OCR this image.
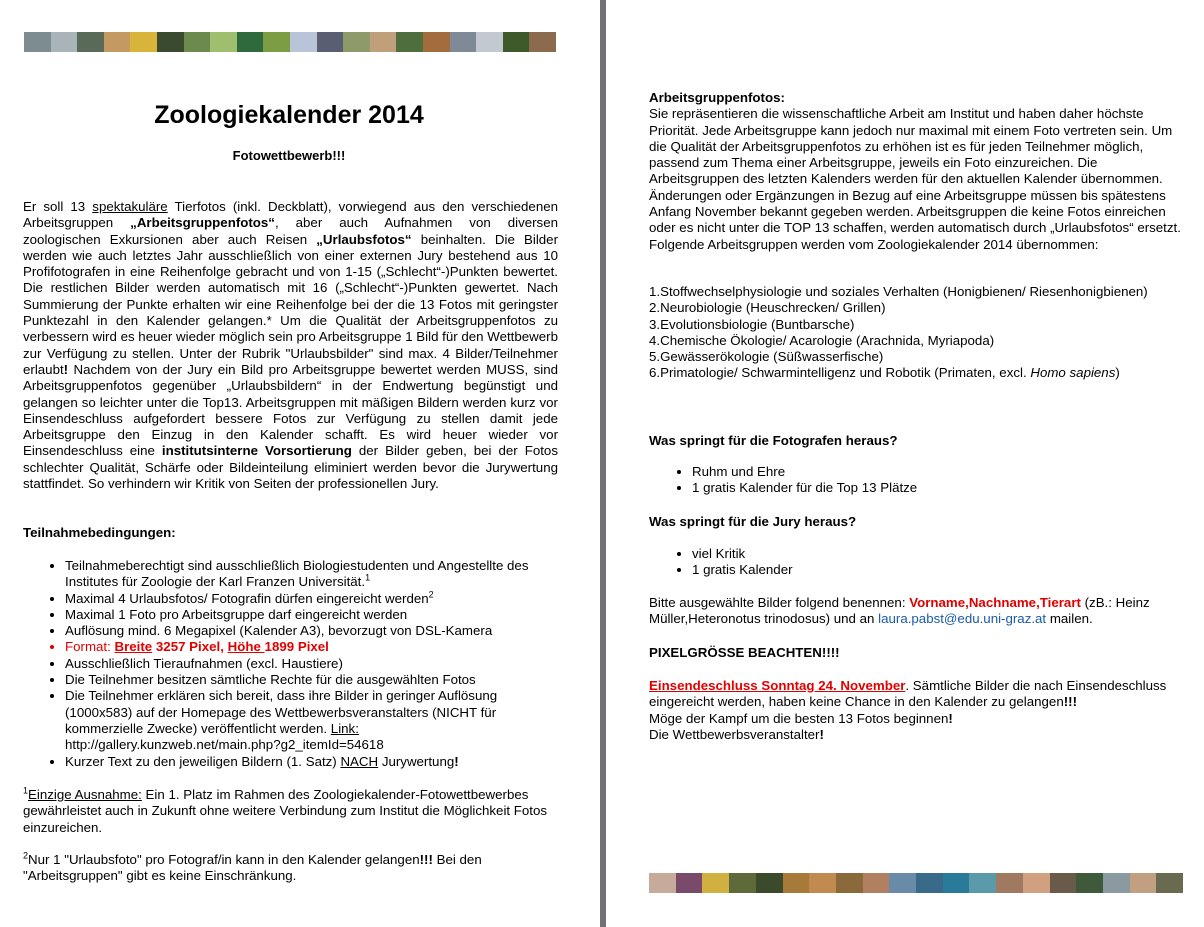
Zoologiekalender 2014
Fotowettbewerb!!!
Er soll 13 spektakuläre Tierfotos (inkl. Deckblatt), vorwiegend aus den verschiedenen Arbeitsgruppen „Arbeitsgruppenfotos“, aber auch Aufnahmen von diversen zoologischen Exkursionen aber auch Reisen „Urlaubsfotos“ beinhalten. Die Bilder werden wie auch letztes Jahr ausschließlich von einer externen Jury bestehend aus 10 Profifotografen in eine Reihenfolge gebracht und von 1-15 („Schlecht“-)Punkten bewertet. Die restlichen Bilder werden automatisch mit 16 („Schlecht“-)Punkten gewertet. Nach Summierung der Punkte erhalten wir eine Reihenfolge bei der die 13 Fotos mit geringster Punktezahl in den Kalender gelangen.* Um die Qualität der Arbeitsgruppenfotos zu verbessern wird es heuer wieder möglich sein pro Arbeitsgruppe 1 Bild für den Wettbewerb zur Verfügung zu stellen. Unter der Rubrik "Urlaubsbilder" sind max. 4 Bilder/Teilnehmer erlaubt! Nachdem von der Jury ein Bild pro Arbeitsgruppe bewertet werden MUSS, sind Arbeitsgruppenfotos gegenüber „Urlaubsbildern“ in der Endwertung begünstigt und gelangen so leichter unter die Top13. Arbeitsgruppen mit mäßigen Bildern werden kurz vor Einsendeschluss aufgefordert bessere Fotos zur Verfügung zu stellen damit jede Arbeitsgruppe den Einzug in den Kalender schafft. Es wird heuer wieder vor Einsendeschluss eine institutsinterne Vorsortierung der Bilder geben, bei der Fotos schlechter Qualität, Schärfe oder Bildeinteilung eliminiert werden bevor die Jurywertung stattfindet. So verhindern wir Kritik von Seiten der professionellen Jury.
Teilnahmebedingungen:
• Teilnahmeberechtigt sind ausschließlich Biologiestudenten und Angestellte des Institutes für Zoologie der Karl Franzen Universität.$^1$
• Maximal 4 Urlaubsfotos/ Fotografin dürfen eingereicht werden$^2$
• Maximal 1 Foto pro Arbeitsgruppe darf eingereicht werden
• Auflösung mind. 6 Megapixel (Kalender A3), bevorzugt von DSL-Kamera
• Format: Breite 3257 Pixel, Höhe 1899 Pixel
• Ausschließlich Tieraufnahmen (excl. Haustiere)
• Die Teilnehmer besitzen sämtliche Rechte für die ausgewählten Fotos
• Die Teilnehmer erklären sich bereit, dass ihre Bilder in geringer Auflösung (1000x583) auf der Homepage des Wettbewerbsveranstalters (NICHT für kommerzielle Zwecke) veröffentlicht werden. Link:
http://gallery.kunzweb.net/main.php?g2_itemId=54618
• Kurzer Text zu den jeweiligen Bildern (1. Satz) NACH Jurywertung!
$^1$Einzige Ausnahme: Ein 1. Platz im Rahmen des Zoologiekalender-Fotowettbewerbes gewährleistet auch in Zukunft ohne weitere Verbindung zum Institut die Möglichkeit Fotos einzureichen.
$^2$Nur 1 "Urlaubsfoto" pro Fotograf/in kann in den Kalender gelangen!!! Bei den "Arbeitsgruppen" gibt es keine Einschränkung.
Arbeitsgruppenfotos:
Sie repräsentieren die wissenschaftliche Arbeit am Institut und haben daher höchste Priorität. Jede Arbeitsgruppe kann jedoch nur maximal mit einem Foto vertreten sein. Um die Qualität der Arbeitsgruppenfotos zu erhöhen ist es für jeden Teilnehmer möglich, passend zum Thema einer Arbeitsgruppe, jeweils ein Foto einzureichen. Die Arbeitsgruppen des letzten Kalenders werden für den aktuellen Kalender übernommen. Änderungen oder Ergänzungen in Bezug auf eine Arbeitsgruppe müssen bis spätestens Anfang November bekannt gegeben werden. Arbeitsgruppen die keine Fotos einreichen oder es nicht unter die TOP 13 schaffen, werden automatisch durch „Urlaubsfotos“ ersetzt. Folgende Arbeitsgruppen werden vom Zoologiekalender 2014 übernommen:
1.Stoffwechselphysiologie und soziales Verhalten (Honigbienen/ Riesenhonigbienen)
2.Neurobiologie (Heuschrecken/ Grillen)
3.Evolutionsbiologie (Buntbarsche)
4.Chemische Ökologie/ Acarologie (Arachnida, Myriapoda)
5.Gewässerökologie (Süßwasserfische)
6.Primatologie/ Schwarmintelligenz und Robotik (Primaten, excl. Homo sapiens)
Was springt für die Fotografen heraus?
• Ruhm und Ehre
• 1 gratis Kalender für die Top 13 Plätze
Was springt für die Jury heraus?
• viel Kritik
• 1 gratis Kalender
Bitte ausgewählte Bilder folgend benennen: Vorname,Nachname,Tierart (zB.: Heinz Müller,Heteronotus trinodosus) und an laura.pabst@edu.uni-graz.at mailen.
PIXELGRÖSSE BEACHTEN!!!!
Einsendeschluss Sonntag 24. November. Sämtliche Bilder die nach Einsendeschluss eingereicht werden, haben keine Chance in den Kalender zu gelangen!!!
Möge der Kampf um die besten 13 Fotos beginnen!
Die Wettbewerbsveranstalter!
